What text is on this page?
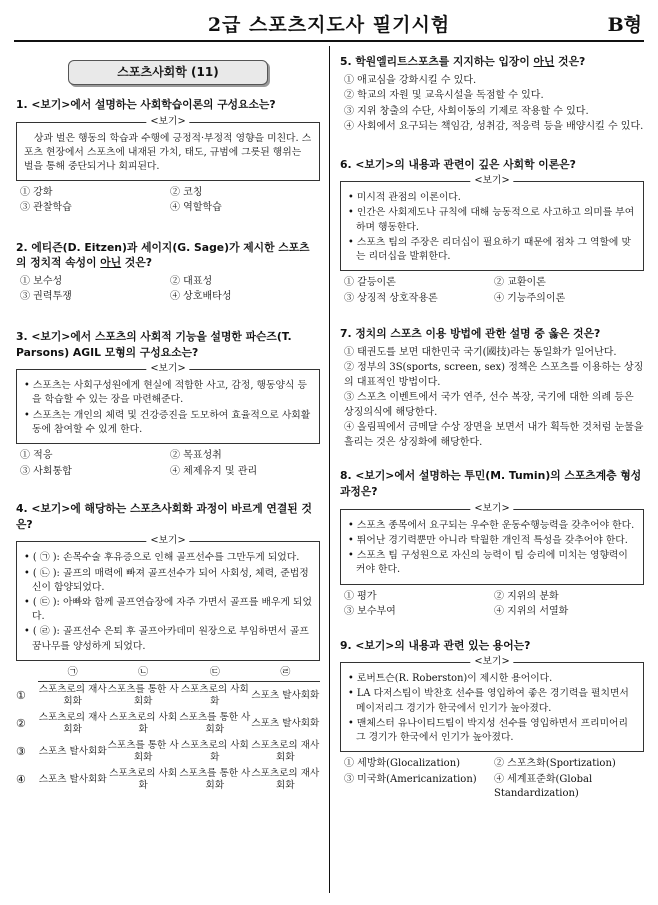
2급 스포츠지도사 필기시험	B형
스포츠사회학 (11)
1. <보기>에서 설명하는 사회학습이론의 구성요소는?
<보기>
상과 벌은 행동의 학습과 수행에 긍정적·부정적 영향을 미친다. 스포츠 현장에서 스포츠에 내재된 가치, 태도, 규범에 그릇된 행위는 벌을 통해 중단되거나 회피된다.
① 강화	② 코칭
③ 관찰학습	④ 역할학습
2. 에티즌(D. Eitzen)과 세이지(G. Sage)가 제시한 스포츠의 정치적 속성이 아닌 것은?
① 보수성	② 대표성
③ 권력투쟁	④ 상호배타성
3. <보기>에서 스포츠의 사회적 기능을 설명한 파슨즈(T. Parsons) AGIL 모형의 구성요소는?
<보기>
• 스포츠는 사회구성원에게 현실에 적합한 사고, 감정, 행동양식 등을 학습할 수 있는 장을 마련해준다.
• 스포츠는 개인의 체력 및 건강증진을 도모하여 효율적으로 사회활동에 참여할 수 있게 한다.
① 적응	② 목표성취
③ 사회통합	④ 체제유지 및 관리
4. <보기>에 해당하는 스포츠사회화 과정이 바르게 연결된 것은?
<보기>
• ( ㉠ ): 손목수술 후유증으로 인해 골프선수를 그만두게 되었다.
• ( ㉡ ): 골프의 매력에 빠져 골프선수가 되어 사회성, 체력, 준법정신이 함양되었다.
• ( ㉢ ): 아빠와 함께 골프연습장에 자주 가면서 골프를 배우게 되었다.
• ( ㉣ ): 골프선수 은퇴 후 골프아카데미 원장으로 부임하면서 골프꿈나무를 양성하게 되었다.
	㉠	㉡	㉢	㉣
①	스포츠로의 재사회화	스포츠를 통한 사회화	스포츠로의 사회화	스포츠 탈사회화
②	스포츠로의 재사회화	스포츠로의 사회화	스포츠를 통한 사회화	스포츠 탈사회화
③	스포츠 탈사회화	스포츠를 통한 사회화	스포츠로의 사회화	스포츠로의 재사회화
④	스포츠 탈사회화	스포츠로의 사회화	스포츠를 통한 사회화	스포츠로의 재사회화
5. 학원엘리트스포츠를 지지하는 입장이 아닌 것은?
① 애교심을 강화시킬 수 있다.
② 학교의 자원 및 교육시설을 독점할 수 있다.
③ 지위 창출의 수단, 사회이동의 기제로 작용할 수 있다.
④ 사회에서 요구되는 책임감, 성취감, 적응력 등을 배양시킬 수 있다.
6. <보기>의 내용과 관련이 깊은 사회학 이론은?
<보기>
• 미시적 관점의 이론이다.
• 인간은 사회제도나 규칙에 대해 능동적으로 사고하고 의미를 부여하며 행동한다.
• 스포츠 팀의 주장은 리더십이 필요하기 때문에 점차 그 역할에 맞는 리더십을 발휘한다.
① 갈등이론	② 교환이론
③ 상징적 상호작용론	④ 기능주의이론
7. 정치의 스포츠 이용 방법에 관한 설명 중 옳은 것은?
① 태권도를 보면 대한민국 국기(國技)라는 동일화가 일어난다.
② 정부의 3S(sports, screen, sex) 정책은 스포츠를 이용하는 상징의 대표적인 방법이다.
③ 스포츠 이벤트에서 국가 연주, 선수 복장, 국기에 대한 의례 등은 상징의식에 해당한다.
④ 올림픽에서 금메달 수상 장면을 보면서 내가 획득한 것처럼 눈물을 흘리는 것은 상징화에 해당한다.
8. <보기>에서 설명하는 투민(M. Tumin)의 스포츠계층 형성 과정은?
<보기>
• 스포츠 종목에서 요구되는 우수한 운동수행능력을 갖추어야 한다.
• 뛰어난 경기력뿐만 아니라 탁월한 개인적 특성을 갖추어야 한다.
• 스포츠 팀 구성원으로 자신의 능력이 팀 승리에 미치는 영향력이 커야 한다.
① 평가	② 지위의 분화
③ 보수부여	④ 지위의 서열화
9. <보기>의 내용과 관련 있는 용어는?
<보기>
• 로버트슨(R. Roberston)이 제시한 용어이다.
• LA 다저스팀이 박찬호 선수를 영입하여 좋은 경기력을 펼치면서 메이저리그 경기가 한국에서 인기가 높아졌다.
• 맨체스터 유나이티드팀이 박지성 선수를 영입하면서 프리미어리그 경기가 한국에서 인기가 높아졌다.
① 세방화(Glocalization)	② 스포츠화(Sportization)
③ 미국화(Americanization)	④ 세계표준화(Global Standardization)
